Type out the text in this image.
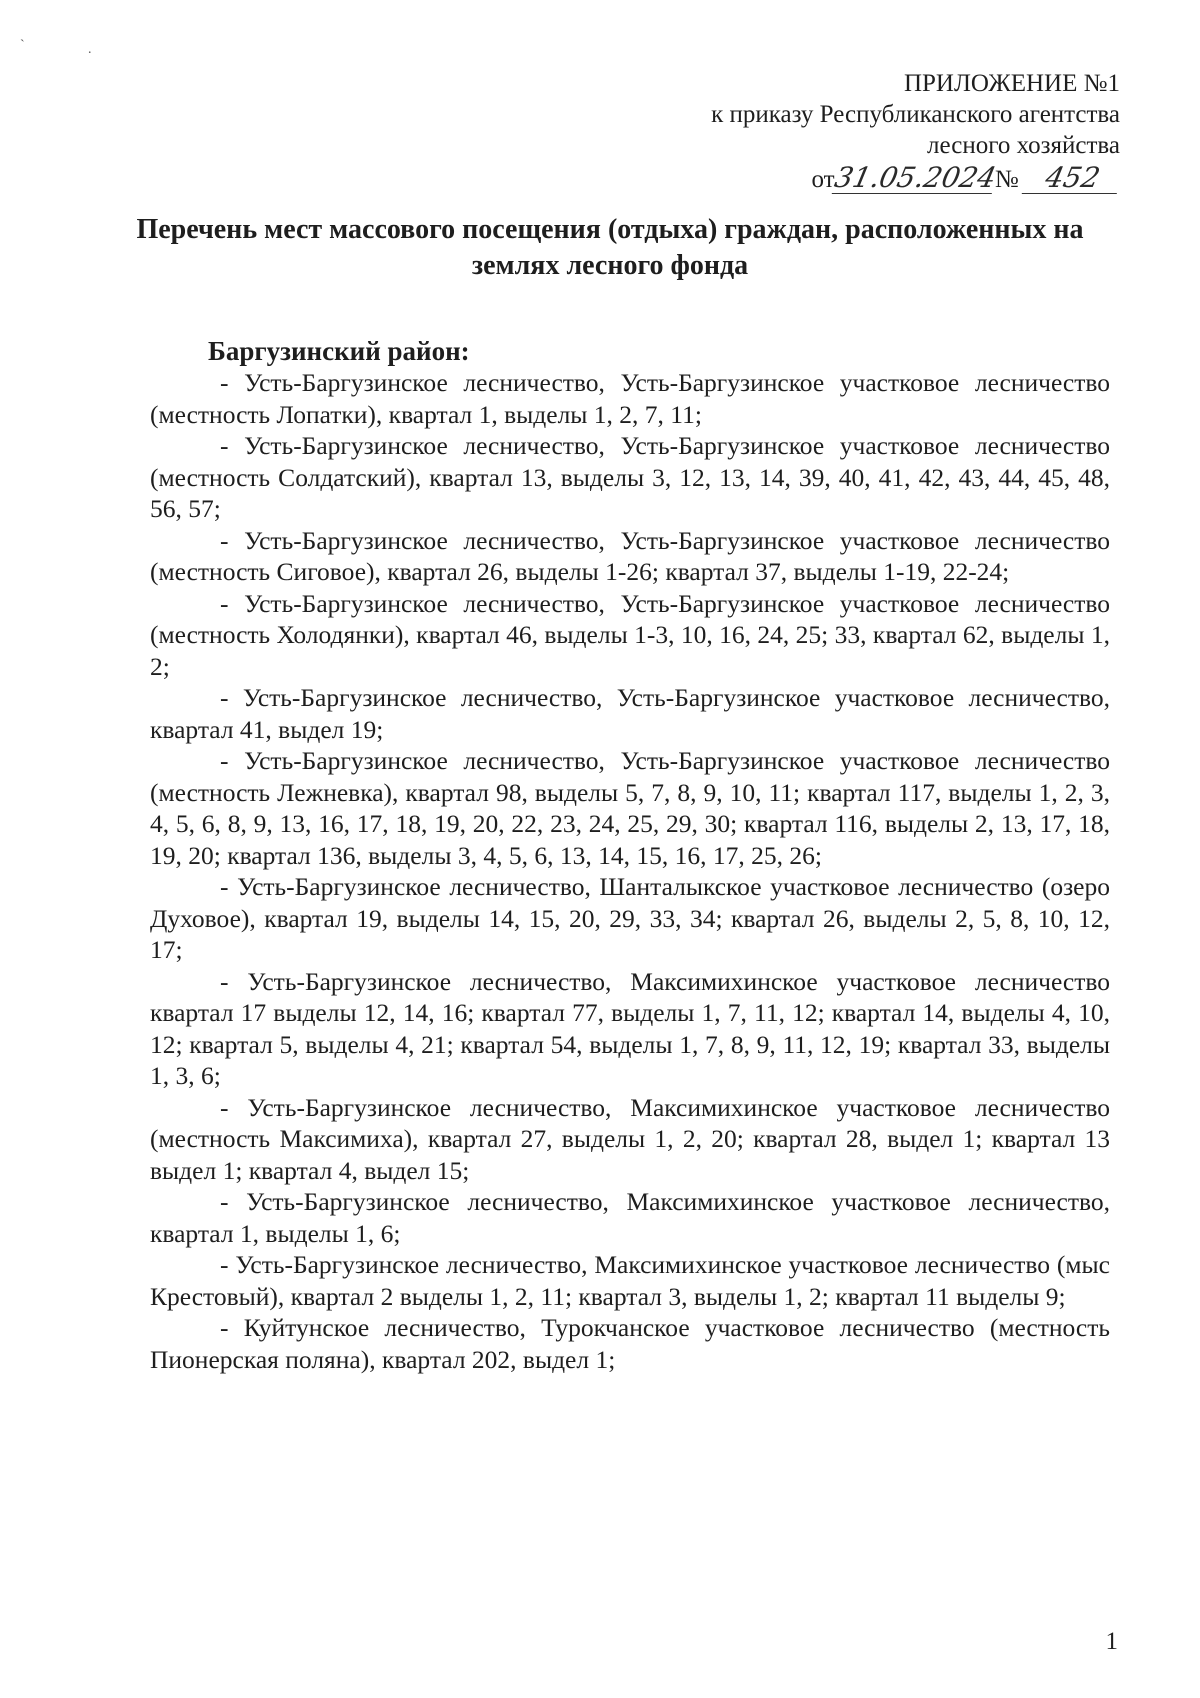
`	.
ПРИЛОЖЕНИЕ №1
к приказу Республиканского агентства
лесного хозяйства
от31.05.2024№ 452
Перечень мест массового посещения (отдыха) граждан, расположенных на землях лесного фонда
Баргузинский район:
- Усть-Баргузинское лесничество, Усть-Баргузинское участковое лесничество (местность Лопатки), квартал 1, выделы 1, 2, 7, 11;
- Усть-Баргузинское лесничество, Усть-Баргузинское участковое лесничество (местность Солдатский), квартал 13, выделы 3, 12, 13, 14, 39, 40, 41, 42, 43, 44, 45, 48, 56, 57;
- Усть-Баргузинское лесничество, Усть-Баргузинское участковое лесничество (местность Сиговое), квартал 26, выделы 1-26; квартал 37, выделы 1-19, 22-24;
- Усть-Баргузинское лесничество, Усть-Баргузинское участковое лесничество (местность Холодянки), квартал 46, выделы 1-3, 10, 16, 24, 25; 33, квартал 62, выделы 1, 2;
- Усть-Баргузинское лесничество, Усть-Баргузинское участковое лесничество, квартал 41, выдел 19;
- Усть-Баргузинское лесничество, Усть-Баргузинское участковое лесничество (местность Лежневка), квартал 98, выделы 5, 7, 8, 9, 10, 11; квартал 117, выделы 1, 2, 3, 4, 5, 6, 8, 9, 13, 16, 17, 18, 19, 20, 22, 23, 24, 25, 29, 30; квартал 116, выделы 2, 13, 17, 18, 19, 20; квартал 136, выделы 3, 4, 5, 6, 13, 14, 15, 16, 17, 25, 26;
- Усть-Баргузинское лесничество, Шанталыкское участковое лесничество (озеро Духовое), квартал 19, выделы 14, 15, 20, 29, 33, 34; квартал 26, выделы 2, 5, 8, 10, 12, 17;
- Усть-Баргузинское лесничество, Максимихинское участковое лесничество квартал 17 выделы 12, 14, 16; квартал 77, выделы 1, 7, 11, 12; квартал 14, выделы 4, 10, 12; квартал 5, выделы 4, 21; квартал 54, выделы 1, 7, 8, 9, 11, 12, 19; квартал 33, выделы 1, 3, 6;
- Усть-Баргузинское лесничество, Максимихинское участковое лесничество (местность Максимиха), квартал 27, выделы 1, 2, 20; квартал 28, выдел 1; квартал 13 выдел 1; квартал 4, выдел 15;
- Усть-Баргузинское лесничество, Максимихинское участковое лесничество, квартал 1, выделы 1, 6;
- Усть-Баргузинское лесничество, Максимихинское участковое лесничество (мыс Крестовый), квартал 2 выделы 1, 2, 11; квартал 3, выделы 1, 2; квартал 11 выделы 9;
- Куйтунское лесничество, Турокчанское участковое лесничество (местность Пионерская поляна), квартал 202, выдел 1;
1
